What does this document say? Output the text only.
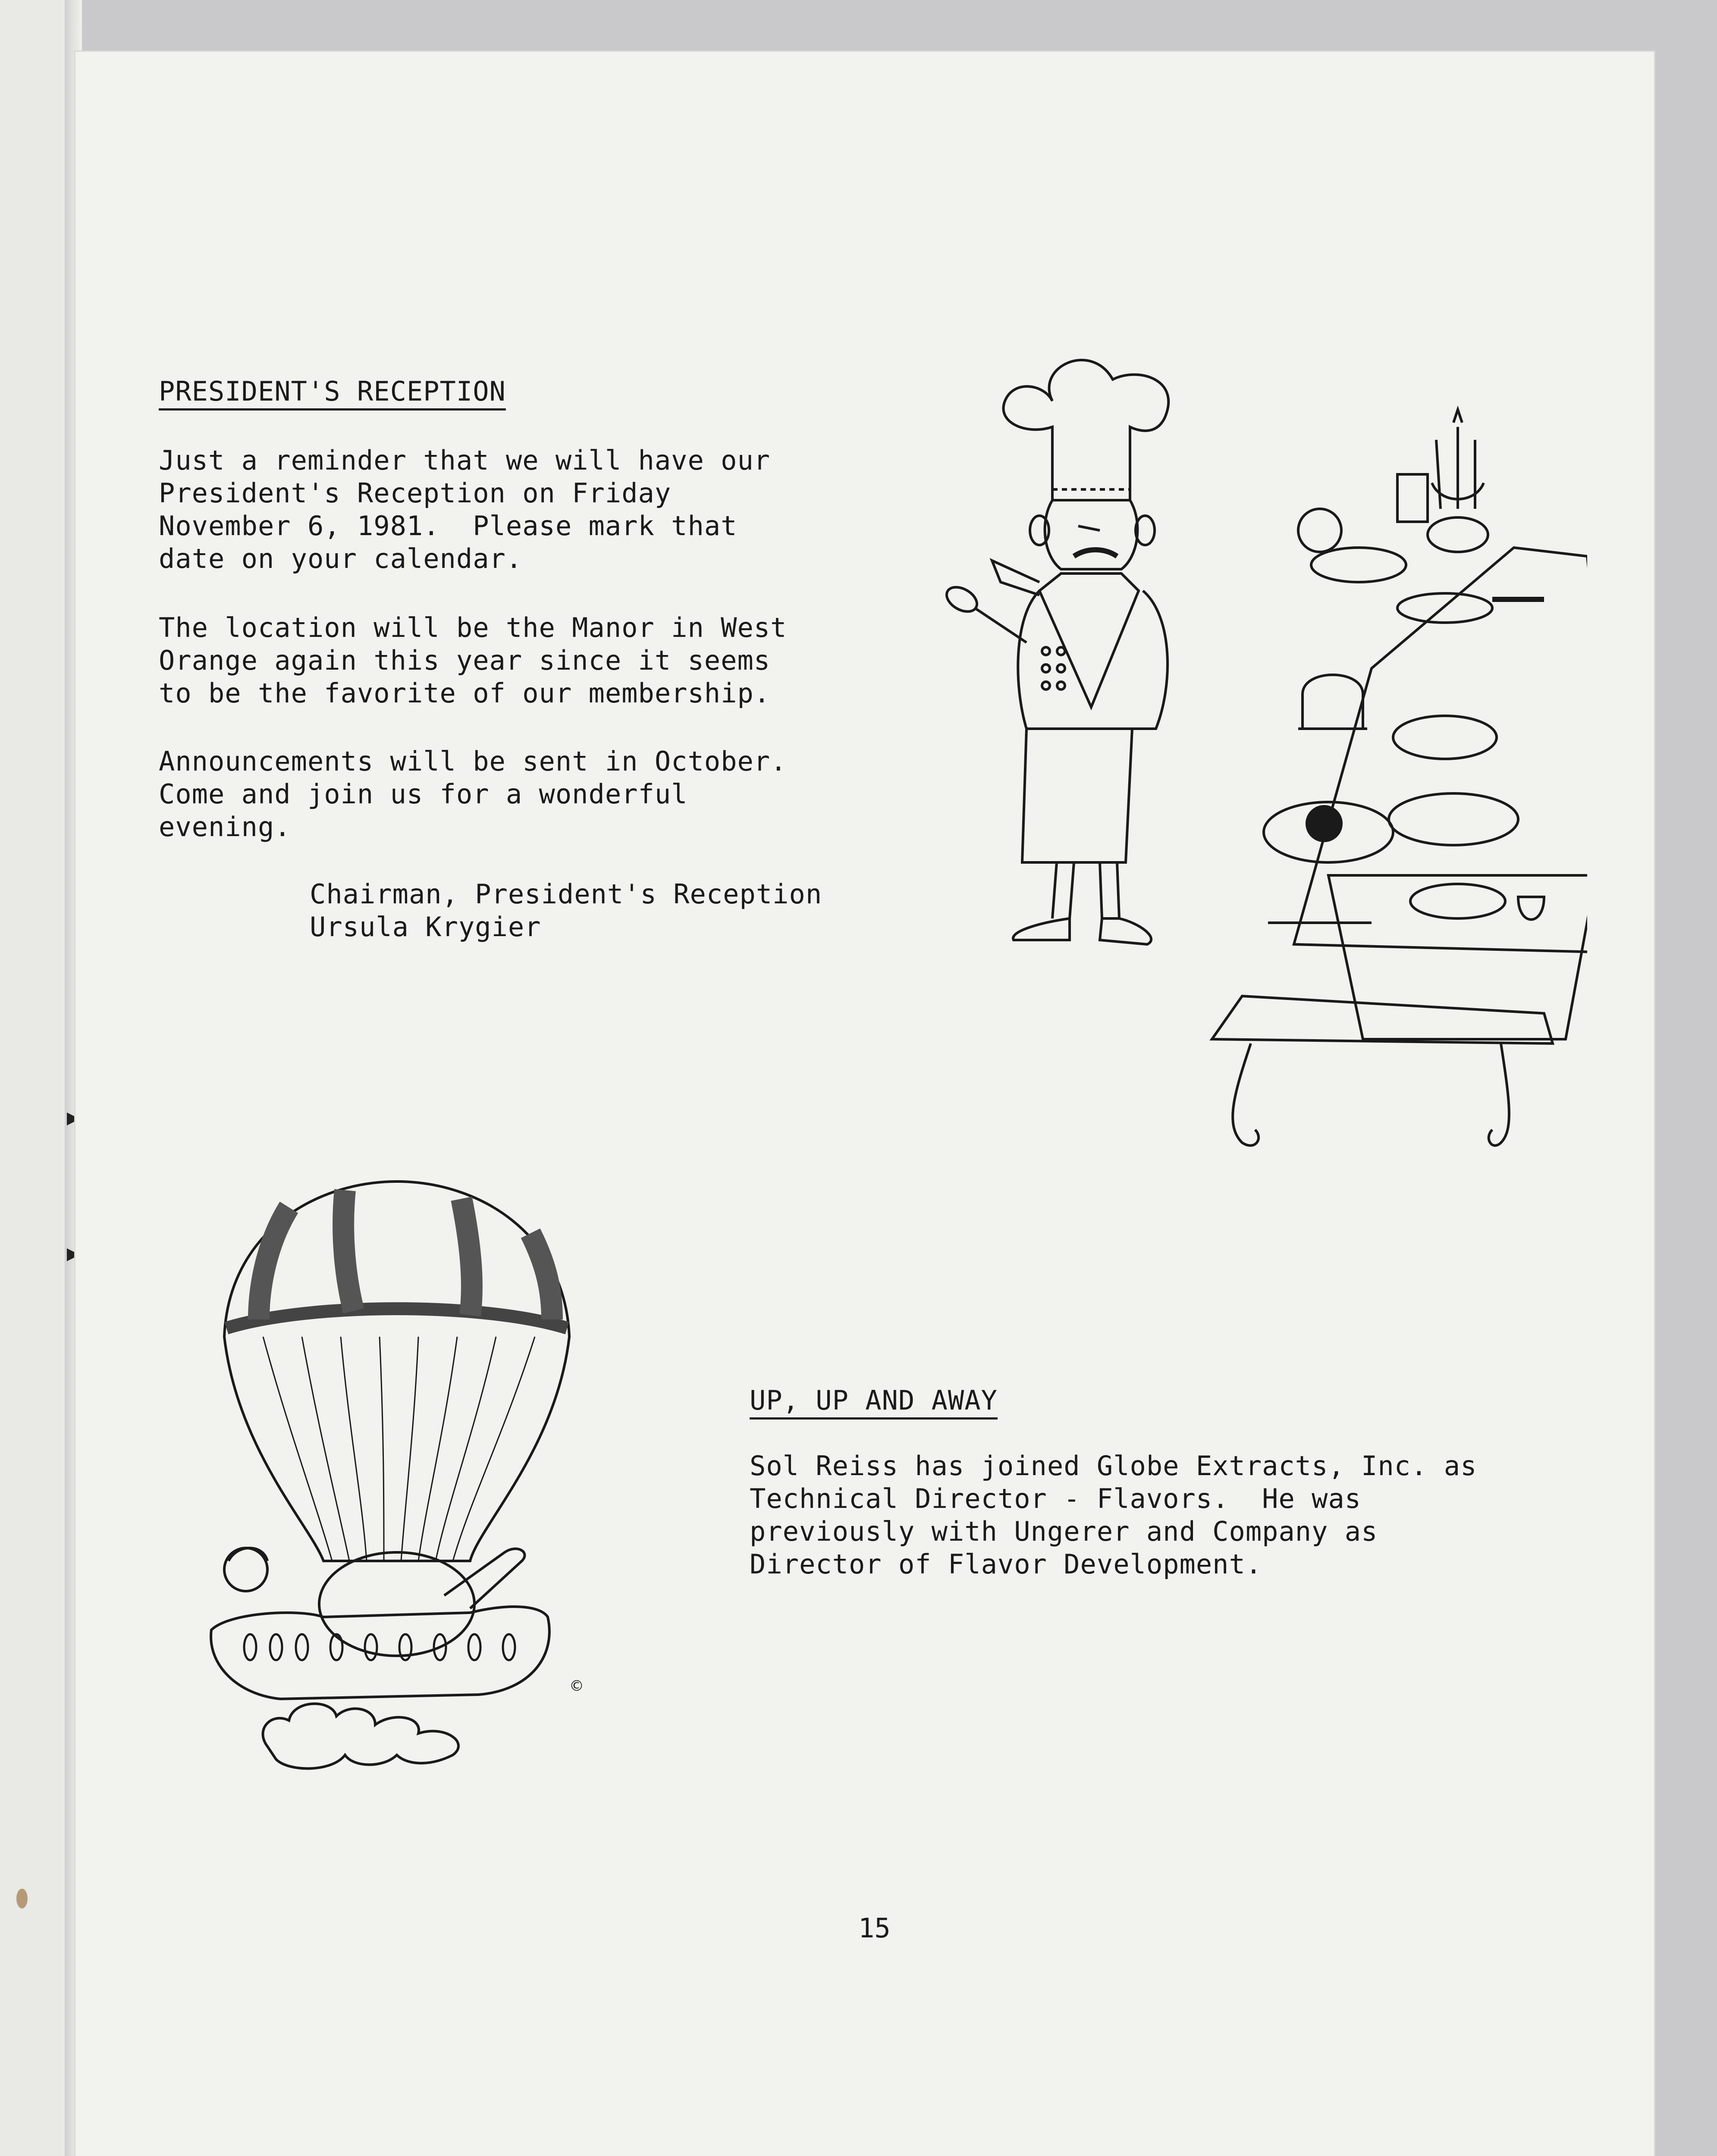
PRESIDENT'S RECEPTION
Just a reminder that we will have our
President's Reception on Friday
November 6, 1981.  Please mark that
date on your calendar.
The location will be the Manor in West
Orange again this year since it seems
to be the favorite of our membership.
Announcements will be sent in October.
Come and join us for a wonderful
evening.
Chairman, President's Reception
Ursula Krygier
©
UP, UP AND AWAY
Sol Reiss has joined Globe Extracts, Inc. as
Technical Director - Flavors.  He was
previously with Ungerer and Company as
Director of Flavor Development.
15
